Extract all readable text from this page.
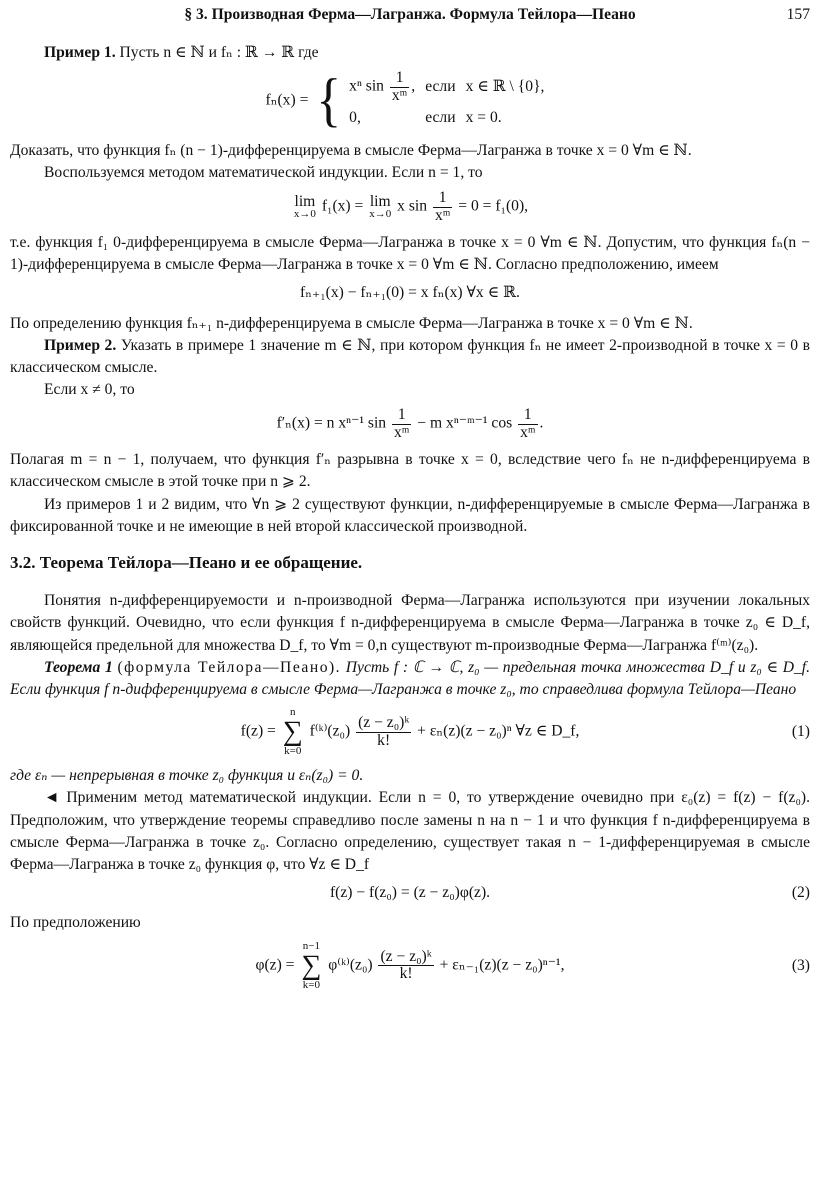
§ 3. Производная Ферма—Лагранжа. Формула Тейлора—Пеано	157

Пример 1. Пусть n ∈ ℕ и fₙ : ℝ → ℝ где

fₙ(x) = { xⁿ $\sin \frac{1}{\text{xᵐ}}$ ,	если	x ∈ ℝ \ {0},
0,	если	x = 0.

Доказать, что функция fₙ (n − 1)-дифференцируема в смысле Ферма—Лагранжа в точке x = 0 ∀m ∈ ℕ.

Воспользуемся методом математической индукции. Если n = 1, то

lim
x→0 f₁(x) = lim
x→0 x $\sin \frac{1}{\text{xᵐ}} = 0 = f_1(0)$,

т.е. функция f₁ 0-дифференцируема в смысле Ферма—Лагранжа в точке x = 0 ∀m ∈ ℕ. Допустим, что функция fₙ(n − 1)-дифференцируема в смысле Ферма—Лагранжа в точке x = 0 ∀m ∈ ℕ. Согласно предположению, имеем

fₙ₊₁(x) − fₙ₊₁(0) = x fₙ(x) ∀x ∈ ℝ.

По определению функция fₙ₊₁ n-дифференцируема в смысле Ферма—Лагранжа в точке x = 0 ∀m ∈ ℕ.

Пример 2. Указать в примере 1 значение m ∈ ℕ, при котором функция fₙ не имеет 2-производной в точке x = 0 в классическом смысле.

Если x ≠ 0, то

f′ₙ(x) = n xⁿ⁻¹ $\sin \frac{1}{\text{xᵐ}} - m$ xⁿ⁻ᵐ⁻¹ $\cos \frac{1}{\text{xᵐ}}$ .

Полагая m = n − 1, получаем, что функция f′ₙ разрывна в точке x = 0, вследствие чего fₙ не n-дифференцируема в классическом смысле в этой точке при n ⩾ 2.

Из примеров 1 и 2 видим, что ∀n ⩾ 2 существуют функции, n-дифференцируемые в смысле Ферма—Лагранжа в фиксированной точке и не имеющие в ней второй классической производной.

3.2. Теорема Тейлора—Пеано и ее обращение.

Понятия n-дифференцируемости и n-производной Ферма—Лагранжа используются при изучении локальных свойств функций. Очевидно, что если функция f n-дифференцируема в смысле Ферма—Лагранжа в точке z₀ ∈ D_f, являющейся предельной для множества D_f, то ∀m = 0,n существуют m-производные Ферма—Лагранжа f⁽ᵐ⁾(z₀).

Теорема 1 (формула Тейлора—Пеано). Пусть f : ℂ → ℂ, z₀ — предельная точка множества D_f и z₀ ∈ D_f. Если функция f n-дифференцируема в смысле Ферма—Лагранжа в точке z₀, то справедлива формула Тейлора—Пеано

f(z) =
n
∑
k=0
f⁽ᵏ⁾(z₀) $\frac{\text{(z − z₀)ᵏ}}{k!} + \varepsilon_n(z)(z - z_0)^n$ ∀z ∈ D_f,	(1)

где εₙ — непрерывная в точке z₀ функция и εₙ(z₀) = 0.

◄ Применим метод математической индукции. Если n = 0, то утверждение очевидно при ε₀(z) = f(z) − f(z₀). Предположим, что утверждение теоремы справедливо после замены n на n − 1 и что функция f n-дифференцируема в смысле Ферма—Лагранжа в точке z₀. Согласно определению, существует такая n − 1-дифференцируемая в смысле Ферма—Лагранжа в точке z₀ функция φ, что ∀z ∈ D_f

f(z) − f(z₀) = (z − z₀)φ(z).	(2)

По предположению

φ(z) =
n−1
∑
k=0
φ⁽ᵏ⁾(z₀) $\frac{\text{(z − z₀)ᵏ}}{k!} + \varepsilon_{n-1}(z)(z - z_0)^{n-1}$,	(3)
